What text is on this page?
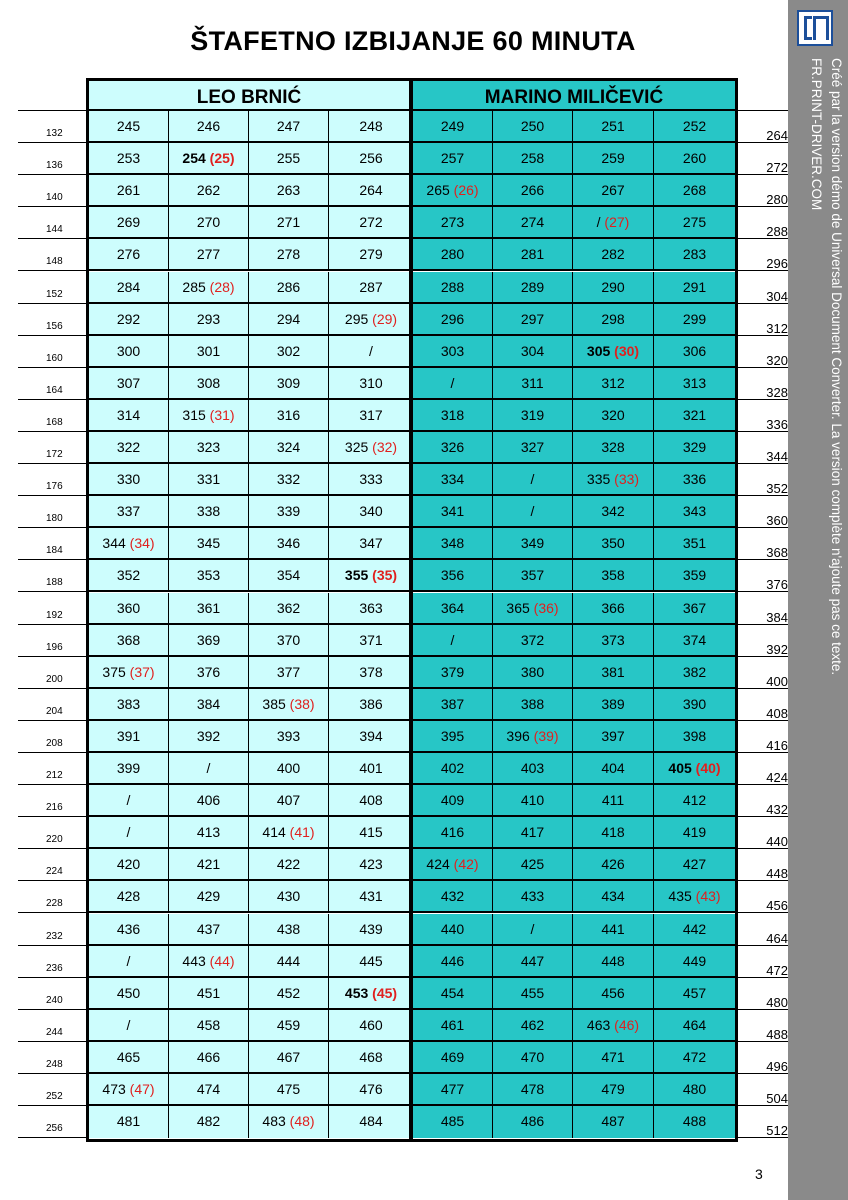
ŠTAFETNO IZBIJANJE 60 MINUTA
Créé par la version démo de Universal Document Converter. La version complète n'ajoute pas ce texte.
FR.PRINT-DRIVER.COM
245	246	247	248	249	250	251	252
253	254 (25)	255	256	257	258	259	260
261	262	263	264	265 (26)	266	267	268
269	270	271	272	273	274	/ (27)	275
276	277	278	279	280	281	282	283
284	285 (28)	286	287	288	289	290	291
292	293	294	295 (29)	296	297	298	299
300	301	302	/	303	304	305 (30)	306
307	308	309	310	/	311	312	313
314	315 (31)	316	317	318	319	320	321
322	323	324	325 (32)	326	327	328	329
330	331	332	333	334	/	335 (33)	336
337	338	339	340	341	/	342	343
344 (34)	345	346	347	348	349	350	351
352	353	354	355 (35)	356	357	358	359
360	361	362	363	364	365 (36)	366	367
368	369	370	371	/	372	373	374
375 (37)	376	377	378	379	380	381	382
383	384	385 (38)	386	387	388	389	390
391	392	393	394	395	396 (39)	397	398
399	/	400	401	402	403	404	405 (40)
/	406	407	408	409	410	411	412
/	413	414 (41)	415	416	417	418	419
420	421	422	423	424 (42)	425	426	427
428	429	430	431	432	433	434	435 (43)
436	437	438	439	440	/	441	442
/	443 (44)	444	445	446	447	448	449
450	451	452	453 (45)	454	455	456	457
/	458	459	460	461	462	463 (46)	464
465	466	467	468	469	470	471	472
473 (47)	474	475	476	477	478	479	480
481	482	483 (48)	484	485	486	487	488
LEO BRNIĆ	MARINO MILIČEVIĆ
132
136
140
144
148
152
156
160
164
168
172
176
180
184
188
192
196
200
204
208
212
216
220
224
228
232
236
240
244
248
252
256
264
272
280
288
296
304
312
320
328
336
344
352
360
368
376
384
392
400
408
416
424
432
440
448
456
464
472
480
488
496
504
512
3
